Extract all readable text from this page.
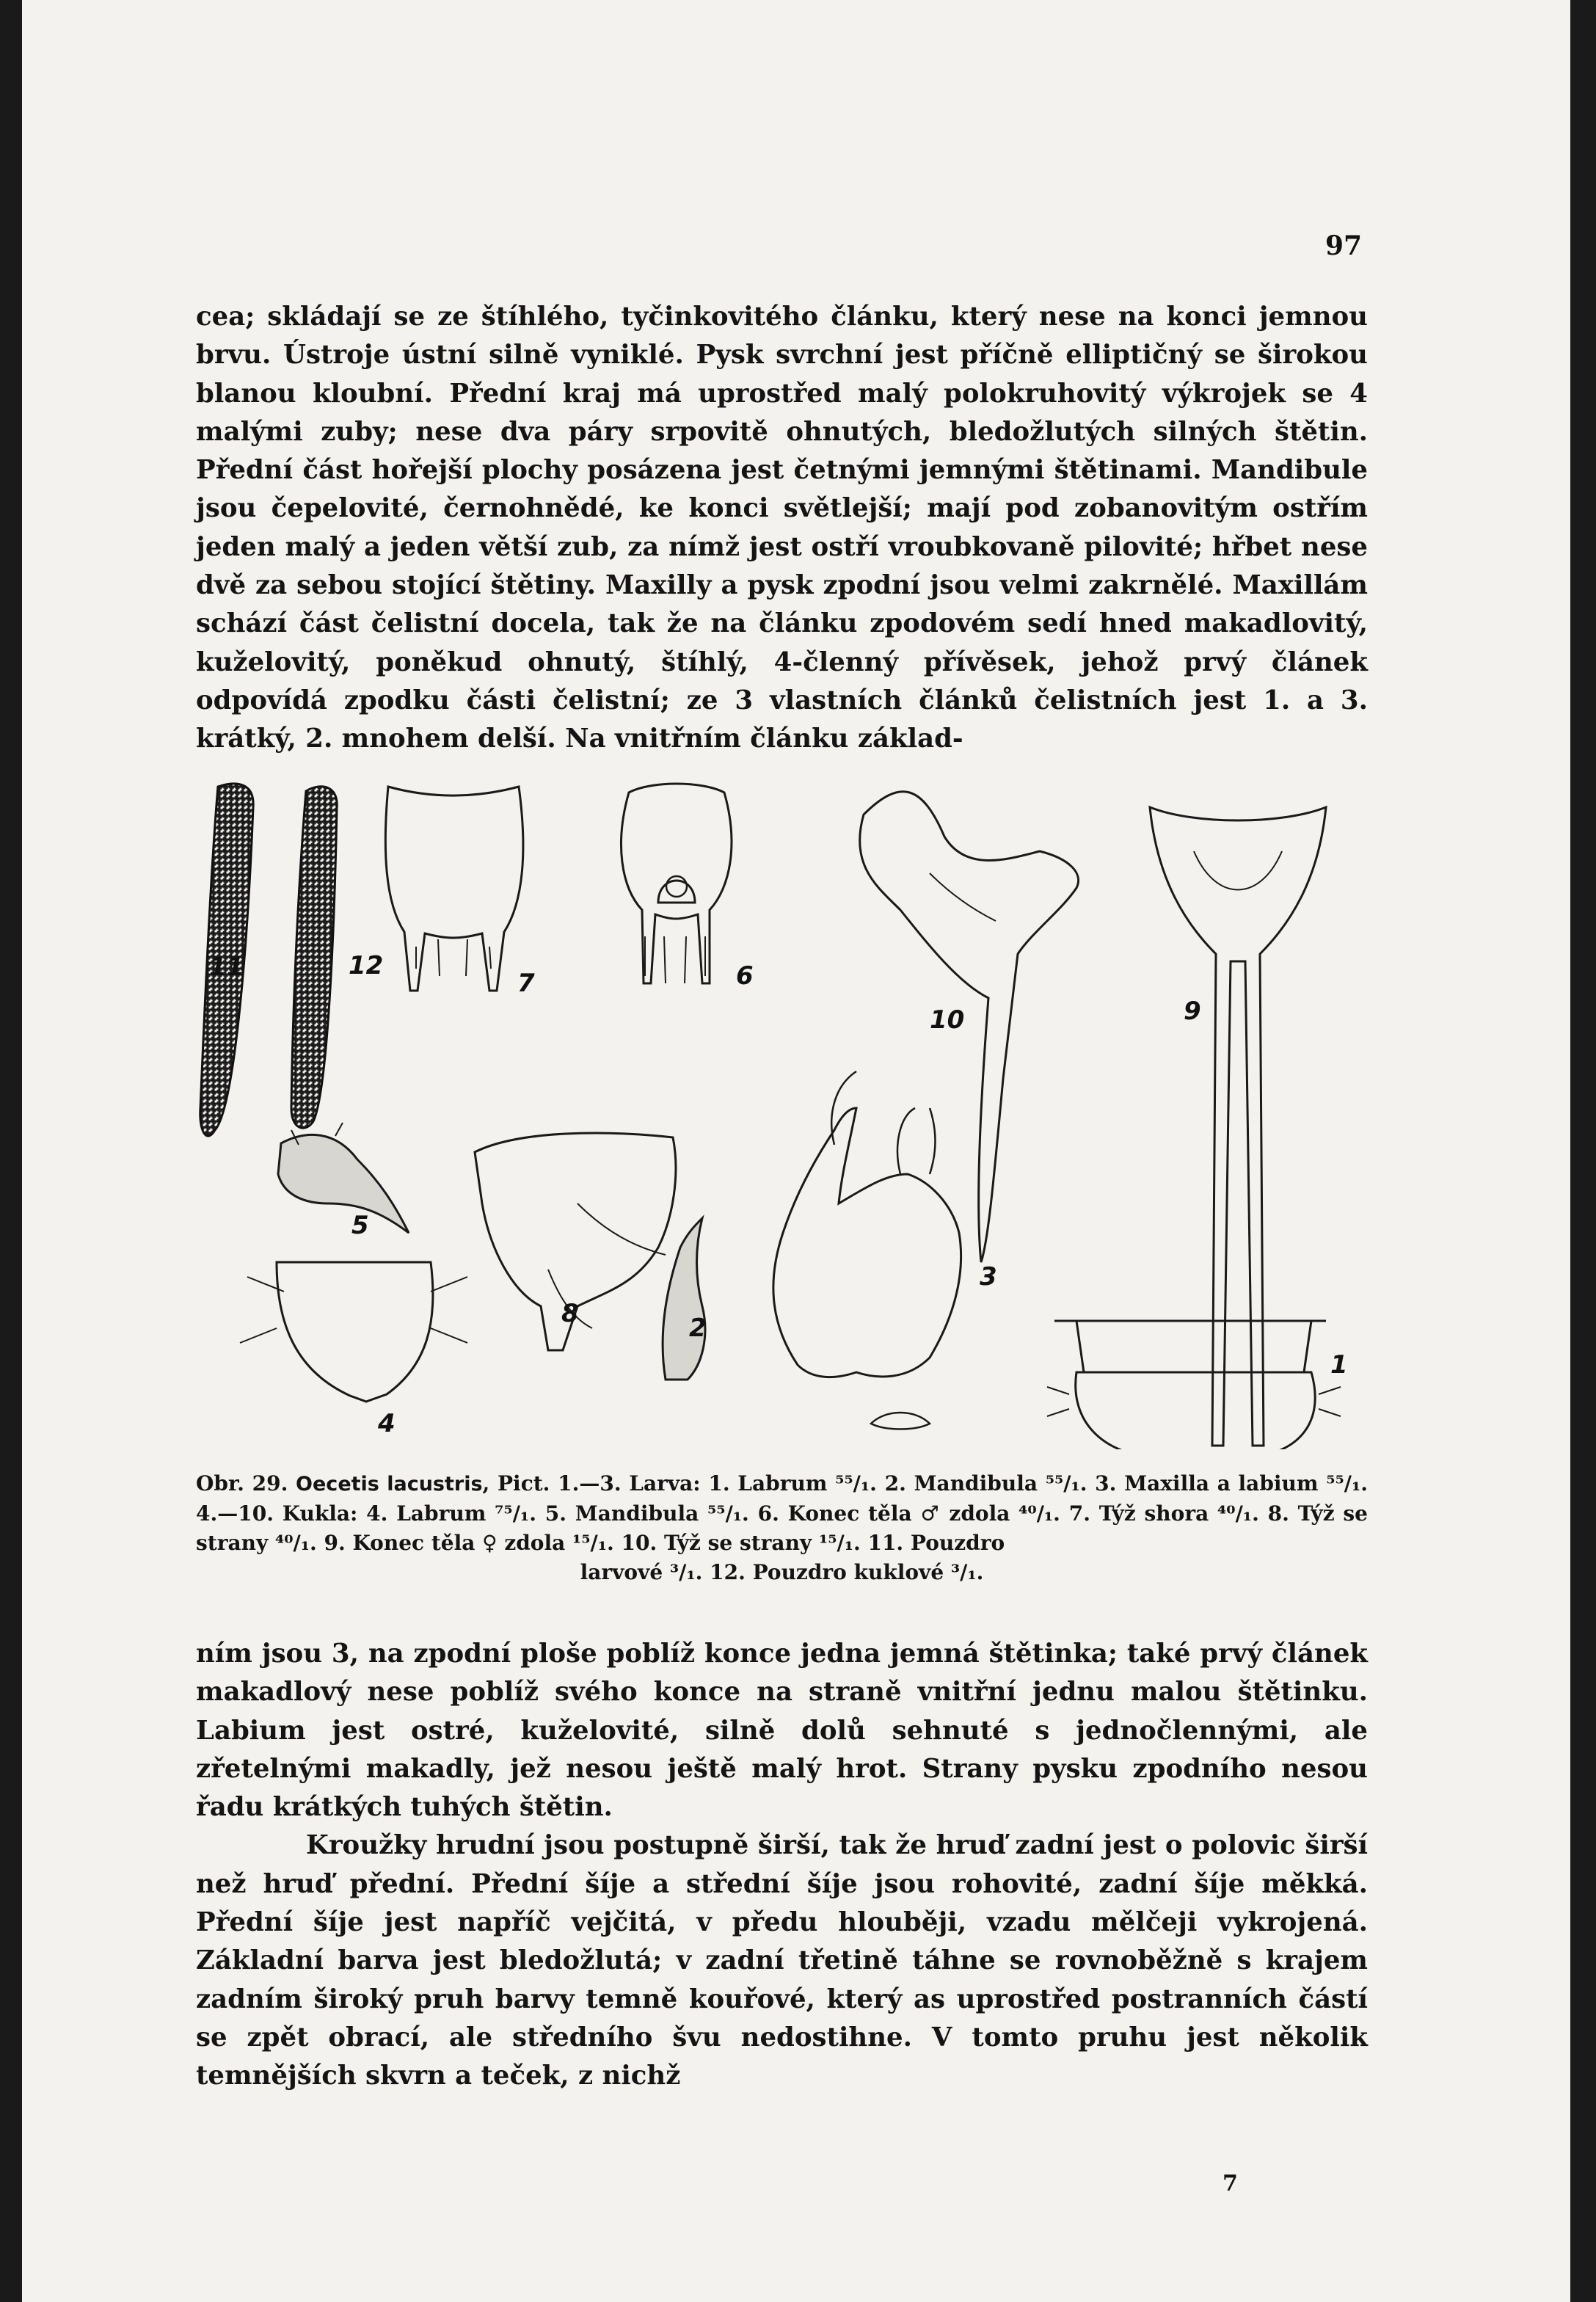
97

cea; skládají se ze štíhlého, tyčinkovitého článku, který nese na konci jemnou brvu. Ústroje ústní silně vyniklé. Pysk svrchní jest příčně elliptičný se širokou blanou kloubní. Přední kraj má uprostřed malý polokruhovitý výkrojek se 4 malými zuby; nese dva páry srpovitě ohnutých, bledožlutých silných štětin. Přední část hořejší plochy posázena jest četnými jemnými štětinami. Mandibule jsou čepelovité, černohnědé, ke konci světlejší; mají pod zobanovitým ostřím jeden malý a jeden větší zub, za nímž jest ostří vroubkovaně pilovité; hřbet nese dvě za sebou stojící štětiny. Maxilly a pysk zpodní jsou velmi zakrnělé. Maxillám schází část čelistní docela, tak že na článku zpodovém sedí hned makadlovitý, kuželovitý, poněkud ohnutý, štíhlý, 4-členný přívěsek, jehož prvý článek odpovídá zpodku části čelistní; ze 3 vlastních článků čelistních jest 1. a 3. krátký, 2. mnohem delší. Na vnitřním článku základ-

11	12
7	6
10	9
5
8
3
2
1
4
Obr. 29. Oecetis lacustris, Pict. 1.—3. Larva: 1. Labrum ⁵⁵/₁. 2. Mandibula ⁵⁵/₁. 3. Maxilla a labium ⁵⁵/₁. 4.—10. Kukla: 4. Labrum ⁷⁵/₁. 5. Mandibula ⁵⁵/₁. 6. Konec těla ♂ zdola ⁴⁰/₁. 7. Týž shora ⁴⁰/₁. 8. Týž se strany ⁴⁰/₁. 9. Konec těla ♀ zdola ¹⁵/₁. 10. Týž se strany ¹⁵/₁. 11. Pouzdro
larvové ³/₁. 12. Pouzdro kuklové ³/₁.

ním jsou 3, na zpodní ploše poblíž konce jedna jemná štětinka; také prvý článek makadlový nese poblíž svého konce na straně vnitřní jednu malou štětinku. Labium jest ostré, kuželovité, silně dolů sehnuté s jednočlennými, ale zřetelnými makadly, jež nesou ještě malý hrot. Strany pysku zpodního nesou řadu krátkých tuhých štětin.
Kroužky hrudní jsou postupně širší, tak že hruď zadní jest o polovic širší než hruď přední. Přední šíje a střední šíje jsou rohovité, zadní šíje měkká. Přední šíje jest napříč vejčitá, v předu hlouběji, vzadu mělčeji vykrojená. Základní barva jest bledožlutá; v zadní třetině táhne se rovnoběžně s krajem zadním široký pruh barvy temně kouřové, který as uprostřed postranních částí se zpět obrací, ale středního švu nedostihne. V tomto pruhu jest několik temnějších skvrn a teček, z nichž

7
